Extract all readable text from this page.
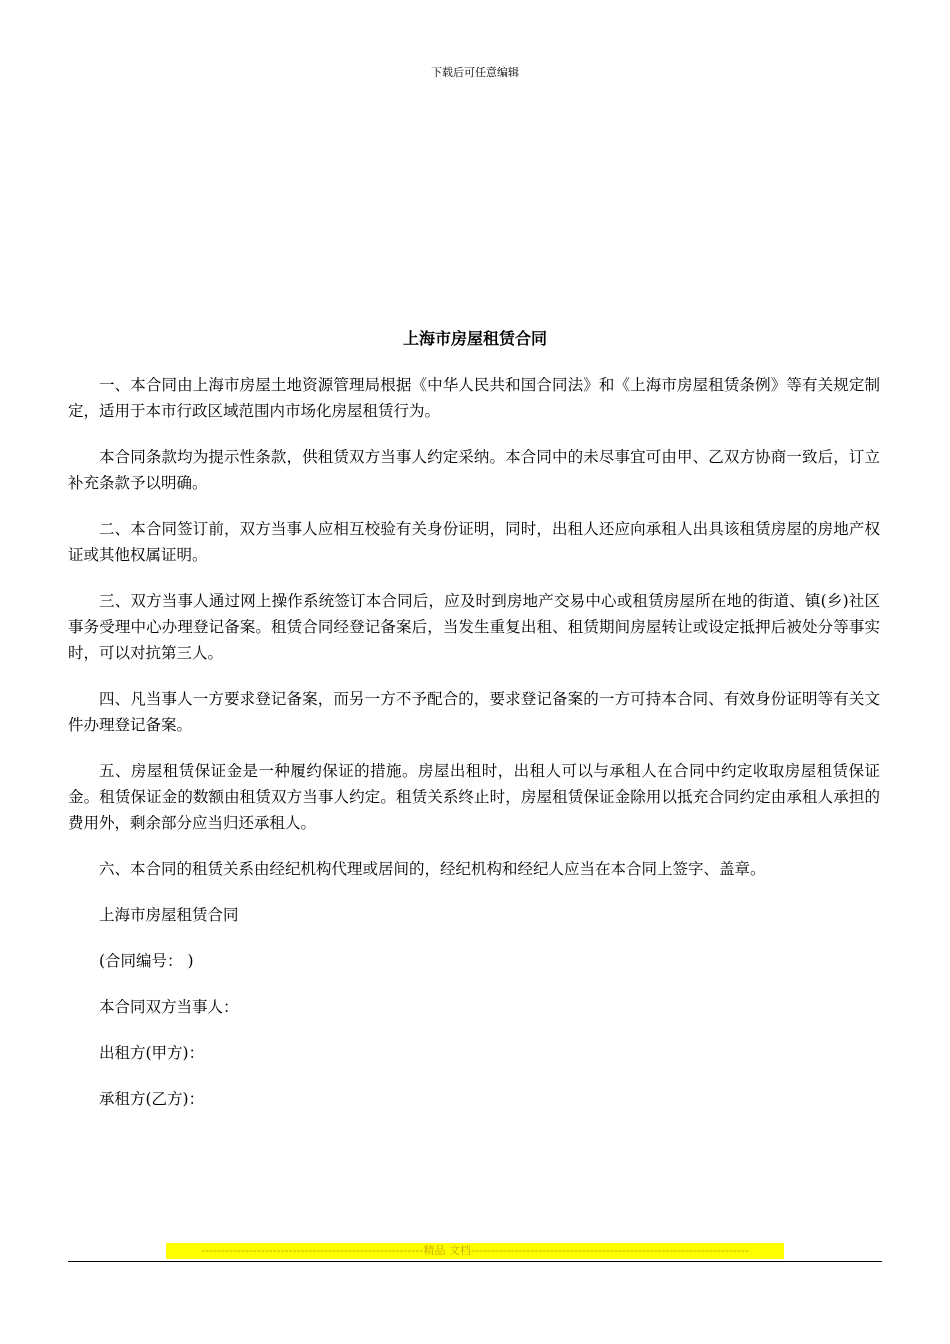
下载后可任意编辑
上海市房屋租赁合同

一、本合同由上海市房屋土地资源管理局根据《中华人民共和国合同法》和《上海市房屋租赁条例》等有关规定制定，适用于本市行政区域范围内市场化房屋租赁行为。

本合同条款均为提示性条款，供租赁双方当事人约定采纳。本合同中的未尽事宜可由甲、乙双方协商一致后，订立补充条款予以明确。

二、本合同签订前，双方当事人应相互校验有关身份证明，同时，出租人还应向承租人出具该租赁房屋的房地产权证或其他权属证明。

三、双方当事人通过网上操作系统签订本合同后，应及时到房地产交易中心或租赁房屋所在地的街道、镇(乡)社区事务受理中心办理登记备案。租赁合同经登记备案后，当发生重复出租、租赁期间房屋转让或设定抵押后被处分等事实时，可以对抗第三人。

四、凡当事人一方要求登记备案，而另一方不予配合的，要求登记备案的一方可持本合同、有效身份证明等有关文件办理登记备案。

五、房屋租赁保证金是一种履约保证的措施。房屋出租时，出租人可以与承租人在合同中约定收取房屋租赁保证金。租赁保证金的数额由租赁双方当事人约定。租赁关系终止时，房屋租赁保证金除用以抵充合同约定由承租人承担的费用外，剩余部分应当归还承租人。

六、本合同的租赁关系由经纪机构代理或居间的，经纪机构和经纪人应当在本合同上签字、盖章。

上海市房屋租赁合同

(合同编号： )

本合同双方当事人：

出租方(甲方)：

承租方(乙方)：

--------------------------------------------------------精品 文档----------------------------------------------------------------------
